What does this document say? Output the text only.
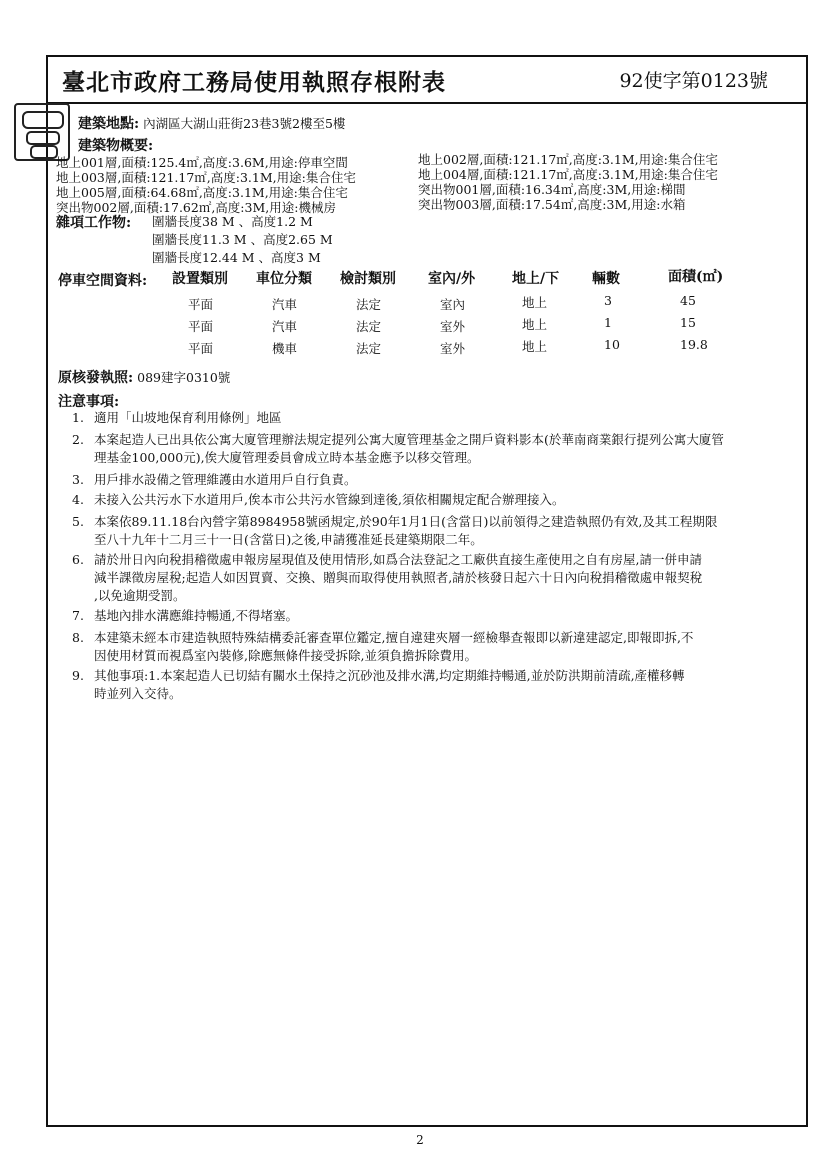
臺北市政府工務局使用執照存根附表	92使字第0123號
建築地點: 內湖區大湖山莊街23巷3號2樓至5樓
建築物概要:
地上001層,面積:125.4㎡,高度:3.6M,用途:停車空間
地上003層,面積:121.17㎡,高度:3.1M,用途:集合住宅
地上005層,面積:64.68㎡,高度:3.1M,用途:集合住宅
突出物002層,面積:17.62㎡,高度:3M,用途:機械房
地上002層,面積:121.17㎡,高度:3.1M,用途:集合住宅
地上004層,面積:121.17㎡,高度:3.1M,用途:集合住宅
突出物001層,面積:16.34㎡,高度:3M,用途:梯間
突出物003層,面積:17.54㎡,高度:3M,用途:水箱
雜項工作物: 圍牆長度38 M 、高度1.2 M
圍牆長度11.3 M 、高度2.65 M
圍牆長度12.44 M 、高度3 M
停車空間資料: 設置類別 車位分類 檢討類別 室內/外	地上/下 輛數	面積(㎡)
平面	汽車	法定	室內	地上	3	45
平面	汽車	法定	室外	地上	1	15
平面	機車	法定	室外	地上	10	19.8
原核發執照: 089建字0310號
注意事項:
1. 適用「山坡地保育利用條例」地區
2. 本案起造人已出具依公寓大廈管理辦法規定提列公寓大廈管理基金之開戶資料影本(於華南商業銀行提列公寓大廈管
理基金100,000元),俟大廈管理委員會成立時本基金應予以移交管理。
3. 用戶排水設備之管理維護由水道用戶自行負責。
4. 未接入公共污水下水道用戶,俟本市公共污水管線到達後,須依相關規定配合辦理接入。
5. 本案依89.11.18台內營字第8984958號函規定,於90年1月1日(含當日)以前領得之建造執照仍有效,及其工程期限
至八十九年十二月三十一日(含當日)之後,申請獲准延長建築期限二年。
6. 請於卅日內向稅捐稽徵處申報房屋現值及使用情形,如爲合法登記之工廠供直接生產使用之自有房屋,請一併申請
減半課徵房屋稅;起造人如因買賣、交換、贈與而取得使用執照者,請於核發日起六十日內向稅捐稽徵處申報契稅
,以免逾期受罰。
7. 基地內排水溝應維持暢通,不得堵塞。
8. 本建築未經本市建造執照特殊結構委託審查單位鑑定,擅自違建夾層一經檢舉查報即以新違建認定,即報即拆,不
因使用材質而視爲室內裝修,除應無條件接受拆除,並須負擔拆除費用。
9. 其他事項:1.本案起造人已切結有關水土保持之沉砂池及排水溝,均定期維持暢通,並於防洪期前清疏,產權移轉
時並列入交待。
2
